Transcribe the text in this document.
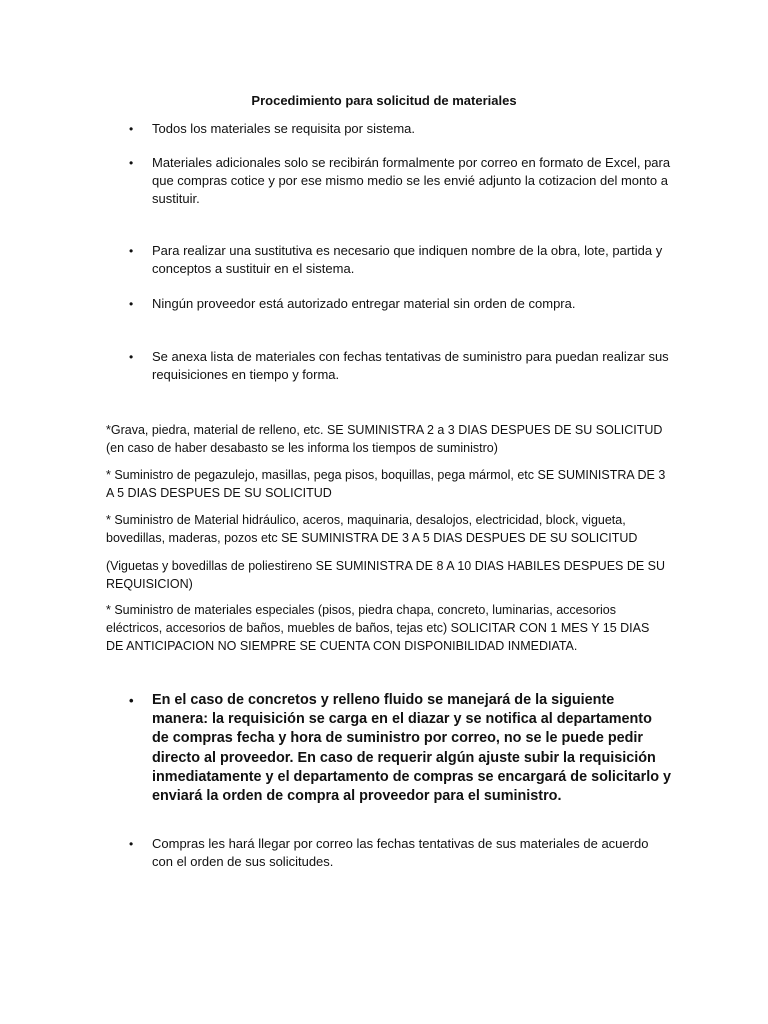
Procedimiento para solicitud de materiales
• Todos los materiales se requisita por sistema.
• Materiales adicionales solo se recibirán formalmente por correo en formato de Excel, para que compras cotice y por ese mismo medio se les envié adjunto la cotizacion del monto a sustituir.
• Para realizar una sustitutiva es necesario que indiquen nombre de la obra, lote, partida y conceptos a sustituir en el sistema.
• Ningún proveedor está autorizado entregar material sin orden de compra.
• Se anexa lista de materiales con fechas tentativas de suministro para puedan realizar sus requisiciones en tiempo y forma.
*Grava, piedra, material de relleno, etc. SE SUMINISTRA 2 a 3 DIAS DESPUES DE SU SOLICITUD (en caso de haber desabasto se les informa los tiempos de suministro)
* Suministro de pegazulejo, masillas, pega pisos, boquillas, pega mármol, etc SE SUMINISTRA DE 3 A 5 DIAS DESPUES DE SU SOLICITUD
* Suministro de Material hidráulico, aceros, maquinaria, desalojos, electricidad, block, vigueta, bovedillas, maderas, pozos etc SE SUMINISTRA DE 3 A 5 DIAS DESPUES DE SU SOLICITUD
(Viguetas y bovedillas de poliestireno SE SUMINISTRA DE 8 A 10 DIAS HABILES DESPUES DE SU REQUISICION)
* Suministro de materiales especiales (pisos, piedra chapa, concreto, luminarias, accesorios eléctricos, accesorios de baños, muebles de baños, tejas etc) SOLICITAR CON 1 MES Y 15 DIAS DE ANTICIPACION NO SIEMPRE SE CUENTA CON DISPONIBILIDAD INMEDIATA.
• En el caso de concretos y relleno fluido se manejará de la siguiente manera: la requisición se carga en el diazar y se notifica al departamento de compras fecha y hora de suministro por correo, no se le puede pedir directo al proveedor. En caso de requerir algún ajuste subir la requisición inmediatamente y el departamento de compras se encargará de solicitarlo y enviará la orden de compra al proveedor para el suministro.
• Compras les hará llegar por correo las fechas tentativas de sus materiales de acuerdo con el orden de sus solicitudes.
